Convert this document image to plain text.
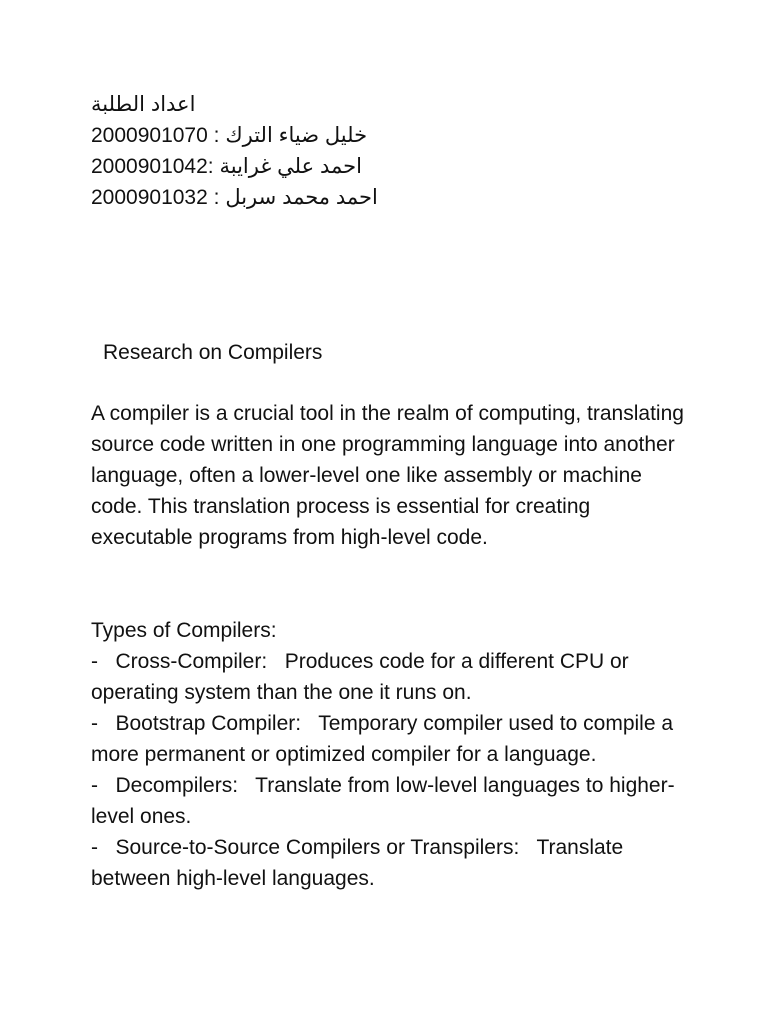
اعداد الطلبة
2000901070 : خليل ضياء الترك
2000901042: احمد علي غرايبة
2000901032 : احمد محمد سربل
Research on Compilers
A compiler is a crucial tool in the realm of computing, translating source code written in one programming language into another language, often a lower-level one like assembly or machine code. This translation process is essential for creating executable programs from high-level code.
Types of Compilers:
-   Cross-Compiler: Produces code for a different CPU or operating system than the one it runs on.
-   Bootstrap Compiler: Temporary compiler used to compile a more permanent or optimized compiler for a language.
-   Decompilers: Translate from low-level languages to higher-level ones.
-   Source-to-Source Compilers or Transpilers: Translate between high-level languages.
